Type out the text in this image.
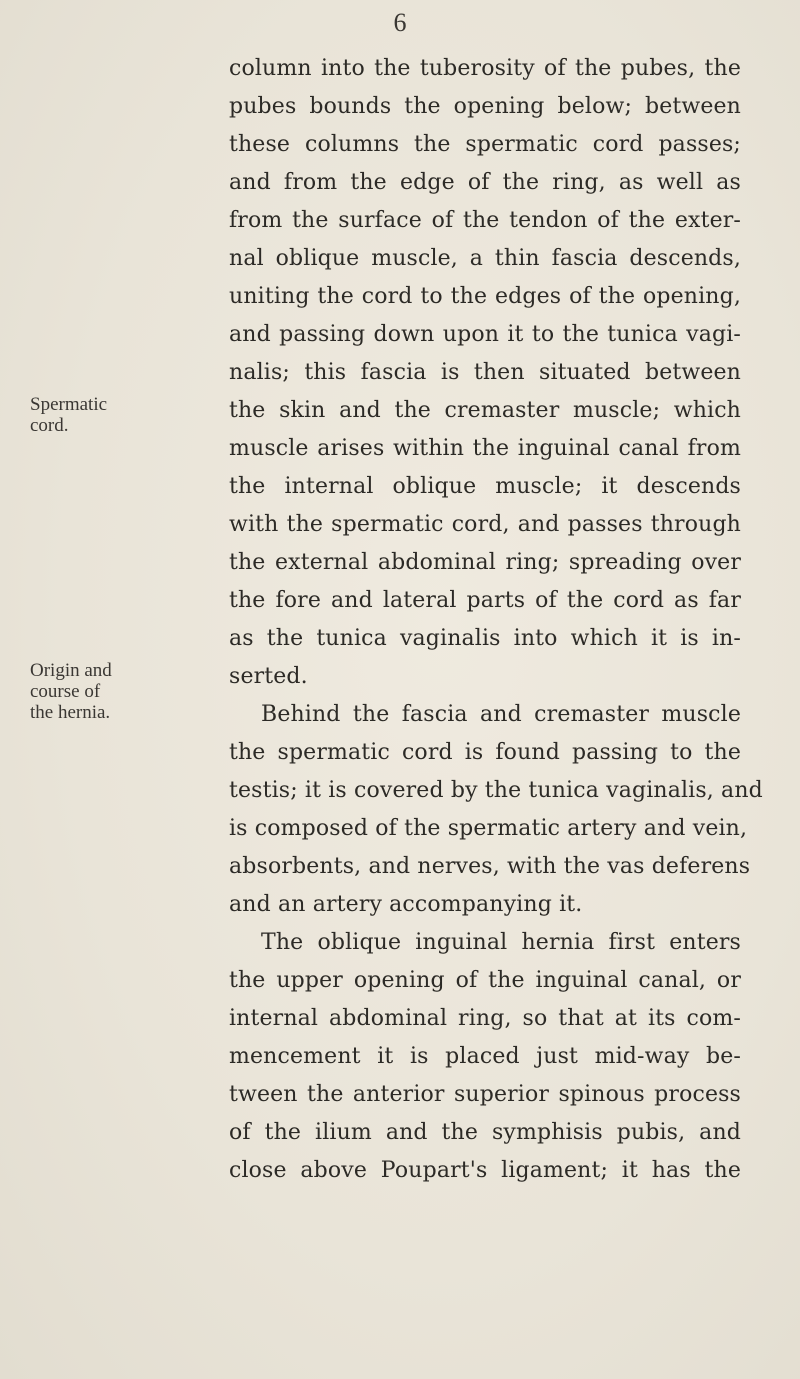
6
Spermatic
cord.
Origin and
course of
the hernia.
column into the tuberosity of the pubes, the
pubes bounds the opening below; between
these columns the spermatic cord passes;
and from the edge of the ring, as well as
from the surface of the tendon of the exter-
nal oblique muscle, a thin fascia descends,
uniting the cord to the edges of the opening,
and passing down upon it to the tunica vagi-
nalis; this fascia is then situated between
the skin and the cremaster muscle; which
muscle arises within the inguinal canal from
the internal oblique muscle; it descends
with the spermatic cord, and passes through
the external abdominal ring; spreading over
the fore and lateral parts of the cord as far
as the tunica vaginalis into which it is in-
serted.
Behind the fascia and cremaster muscle
the spermatic cord is found passing to the
testis; it is covered by the tunica vaginalis, and
is composed of the spermatic artery and vein,
absorbents, and nerves, with the vas deferens
and an artery accompanying it.
The oblique inguinal hernia first enters
the upper opening of the inguinal canal, or
internal abdominal ring, so that at its com-
mencement it is placed just mid-way be-
tween the anterior superior spinous process
of the ilium and the symphisis pubis, and
close above Poupart's ligament; it has the
